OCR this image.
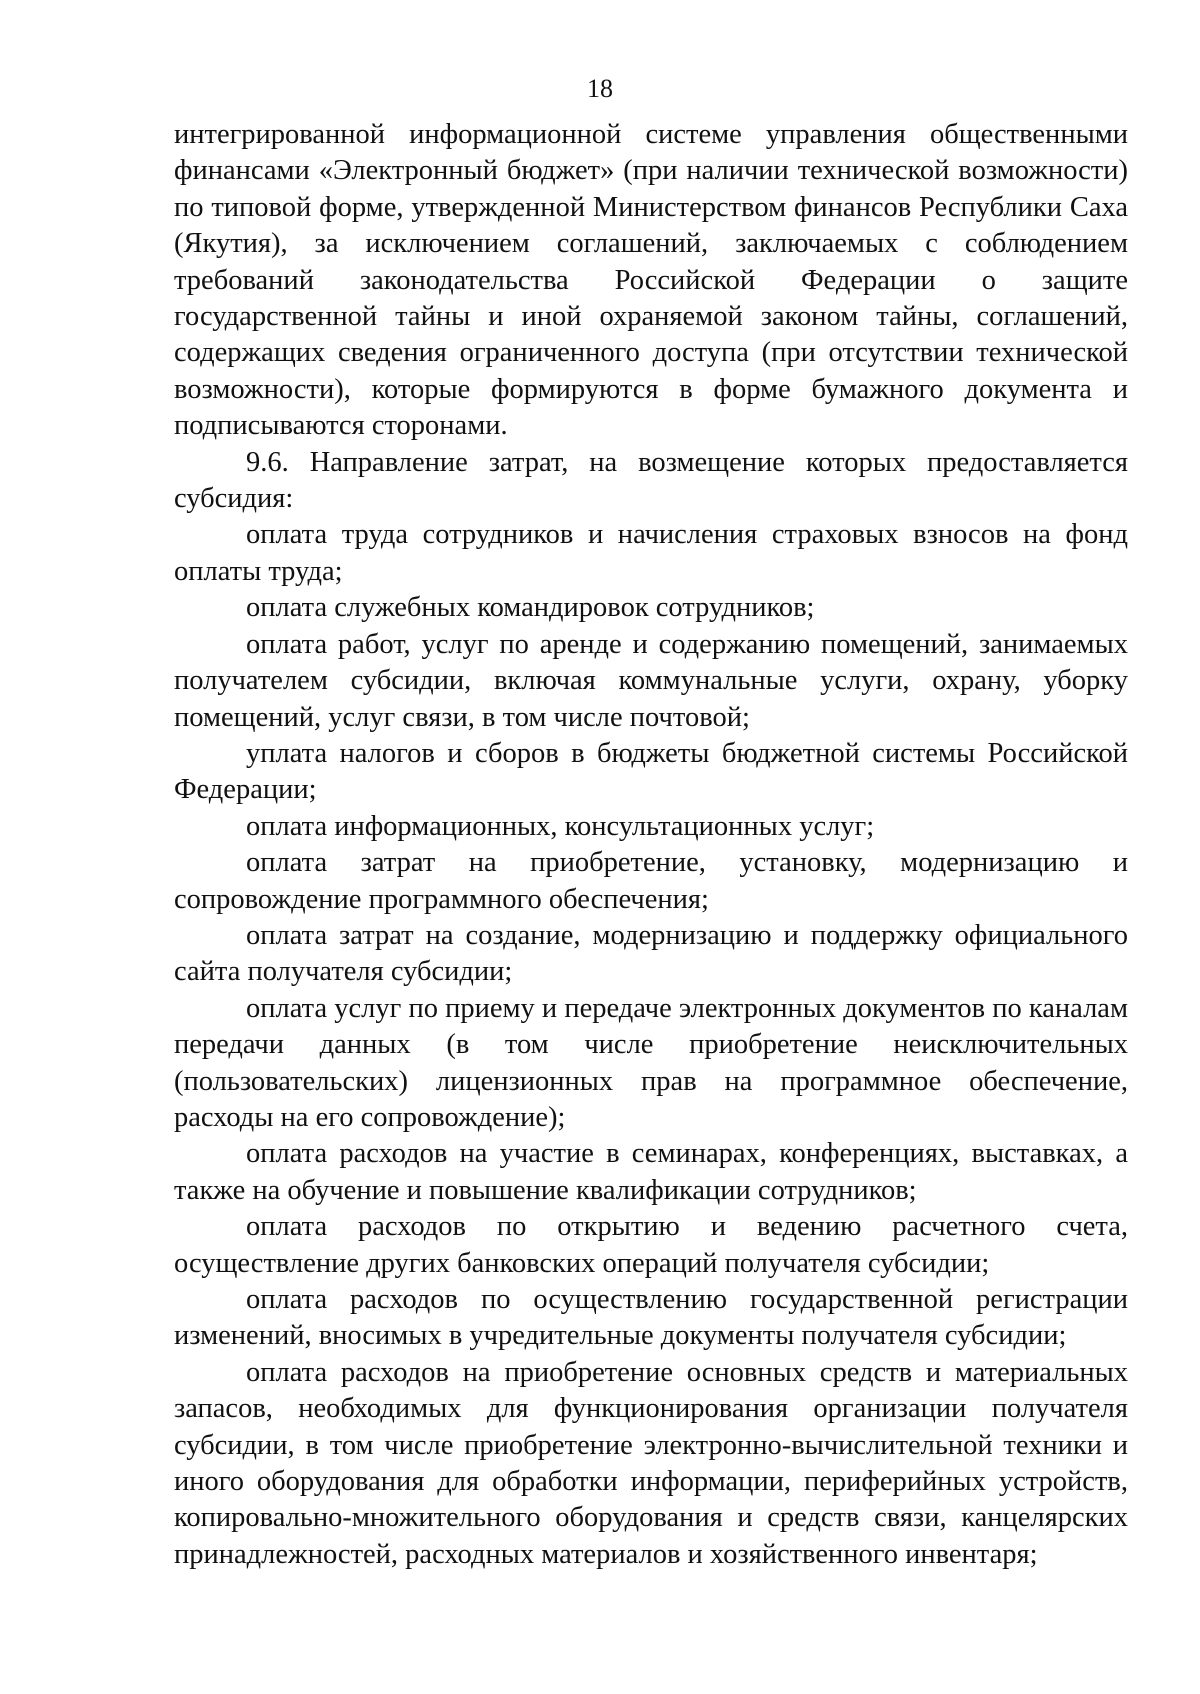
18

интегрированной информационной системе управления общественными финансами «Электронный бюджет» (при наличии технической возможности) по типовой форме, утвержденной Министерством финансов Республики Саха (Якутия), за исключением соглашений, заключаемых с соблюдением требований законодательства Российской Федерации о защите государственной тайны и иной охраняемой законом тайны, соглашений, содержащих сведения ограниченного доступа (при отсутствии технической возможности), которые формируются в форме бумажного документа и подписываются сторонами.

9.6. Направление затрат, на возмещение которых предоставляется субсидия:

оплата труда сотрудников и начисления страховых взносов на фонд оплаты труда;

оплата служебных командировок сотрудников;

оплата работ, услуг по аренде и содержанию помещений, занимаемых получателем субсидии, включая коммунальные услуги, охрану, уборку помещений, услуг связи, в том числе почтовой;

уплата налогов и сборов в бюджеты бюджетной системы Российской Федерации;

оплата информационных, консультационных услуг;

оплата затрат на приобретение, установку, модернизацию и сопровождение программного обеспечения;

оплата затрат на создание, модернизацию и поддержку официального сайта получателя субсидии;

оплата услуг по приему и передаче электронных документов по каналам передачи данных (в том числе приобретение неисключительных (пользовательских) лицензионных прав на программное обеспечение, расходы на его сопровождение);

оплата расходов на участие в семинарах, конференциях, выставках, а также на обучение и повышение квалификации сотрудников;

оплата расходов по открытию и ведению расчетного счета, осуществление других банковских операций получателя субсидии;

оплата расходов по осуществлению государственной регистрации изменений, вносимых в учредительные документы получателя субсидии;

оплата расходов на приобретение основных средств и материальных запасов, необходимых для функционирования организации получателя субсидии, в том числе приобретение электронно-вычислительной техники и иного оборудования для обработки информации, периферийных устройств, копировально-множительного оборудования и средств связи, канцелярских принадлежностей, расходных материалов и хозяйственного инвентаря;
